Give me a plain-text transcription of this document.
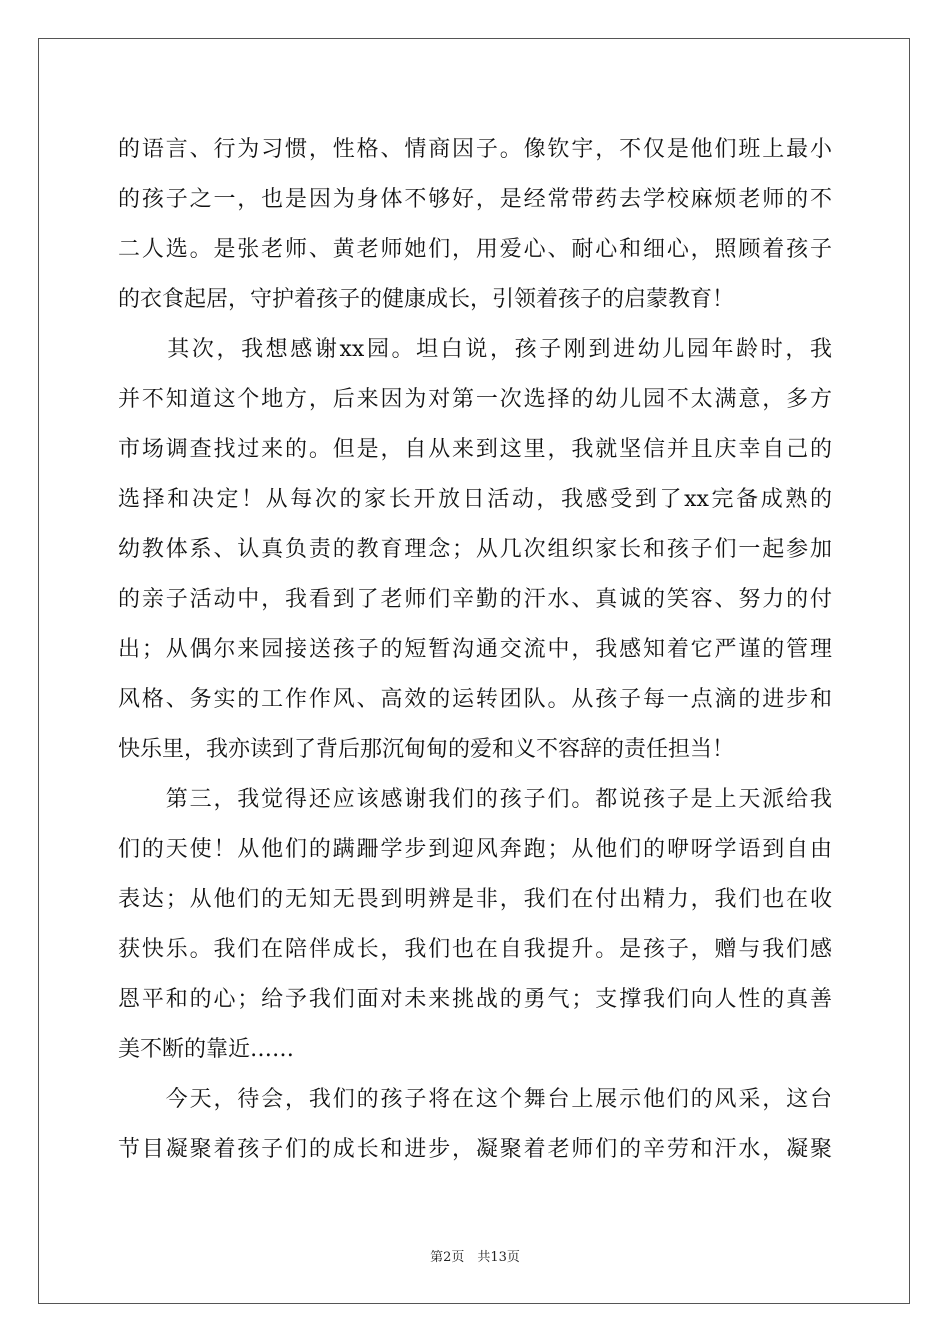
的语言、行为习惯，性格、情商因子。像钦宇，不仅是他们班上最小
的孩子之一，也是因为身体不够好，是经常带药去学校麻烦老师的不
二人选。是张老师、黄老师她们，用爱心、耐心和细心，照顾着孩子
的衣食起居，守护着孩子的健康成长，引领着孩子的启蒙教育！
　　其次，我想感谢xx园。坦白说，孩子刚到进幼儿园年龄时，我
并不知道这个地方，后来因为对第一次选择的幼儿园不太满意，多方
市场调查找过来的。但是，自从来到这里，我就坚信并且庆幸自己的
选择和决定！从每次的家长开放日活动，我感受到了xx完备成熟的
幼教体系、认真负责的教育理念；从几次组织家长和孩子们一起参加
的亲子活动中，我看到了老师们辛勤的汗水、真诚的笑容、努力的付
出；从偶尔来园接送孩子的短暂沟通交流中，我感知着它严谨的管理
风格、务实的工作作风、高效的运转团队。从孩子每一点滴的进步和
快乐里，我亦读到了背后那沉甸甸的爱和义不容辞的责任担当！
　　第三，我觉得还应该感谢我们的孩子们。都说孩子是上天派给我
们的天使！从他们的蹒跚学步到迎风奔跑；从他们的咿呀学语到自由
表达；从他们的无知无畏到明辨是非，我们在付出精力，我们也在收
获快乐。我们在陪伴成长，我们也在自我提升。是孩子，赠与我们感
恩平和的心；给予我们面对未来挑战的勇气；支撑我们向人性的真善
美不断的靠近……
　　今天，待会，我们的孩子将在这个舞台上展示他们的风采，这台
节目凝聚着孩子们的成长和进步，凝聚着老师们的辛劳和汗水，凝聚
第2页　共13页
